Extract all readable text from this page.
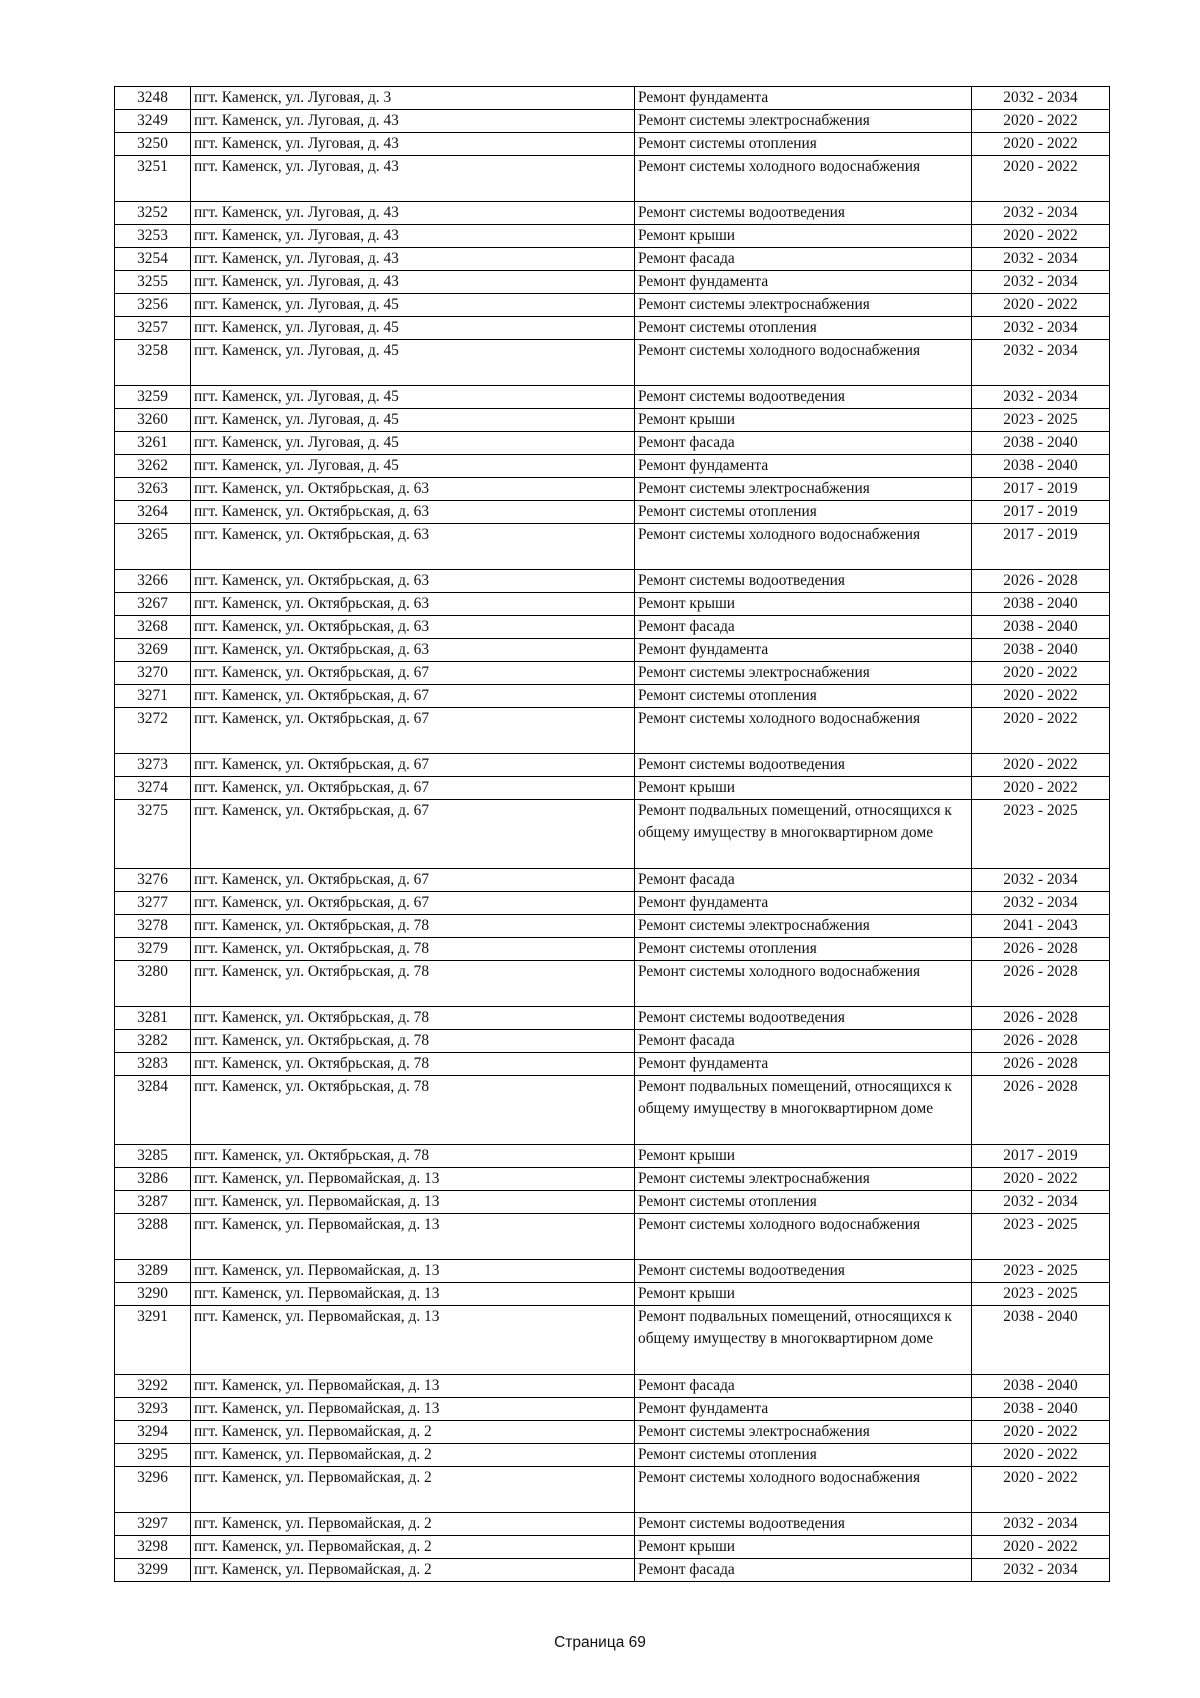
3248	пгт. Каменск, ул. Луговая, д. 3	Ремонт фундамента	2032 - 2034
3249	пгт. Каменск, ул. Луговая, д. 43	Ремонт системы электроснабжения	2020 - 2022
3250	пгт. Каменск, ул. Луговая, д. 43	Ремонт системы отопления	2020 - 2022
3251	пгт. Каменск, ул. Луговая, д. 43	Ремонт системы холодного водоснабжения	2020 - 2022
3252	пгт. Каменск, ул. Луговая, д. 43	Ремонт системы водоотведения	2032 - 2034
3253	пгт. Каменск, ул. Луговая, д. 43	Ремонт крыши	2020 - 2022
3254	пгт. Каменск, ул. Луговая, д. 43	Ремонт фасада	2032 - 2034
3255	пгт. Каменск, ул. Луговая, д. 43	Ремонт фундамента	2032 - 2034
3256	пгт. Каменск, ул. Луговая, д. 45	Ремонт системы электроснабжения	2020 - 2022
3257	пгт. Каменск, ул. Луговая, д. 45	Ремонт системы отопления	2032 - 2034
3258	пгт. Каменск, ул. Луговая, д. 45	Ремонт системы холодного водоснабжения	2032 - 2034
3259	пгт. Каменск, ул. Луговая, д. 45	Ремонт системы водоотведения	2032 - 2034
3260	пгт. Каменск, ул. Луговая, д. 45	Ремонт крыши	2023 - 2025
3261	пгт. Каменск, ул. Луговая, д. 45	Ремонт фасада	2038 - 2040
3262	пгт. Каменск, ул. Луговая, д. 45	Ремонт фундамента	2038 - 2040
3263	пгт. Каменск, ул. Октябрьская, д. 63	Ремонт системы электроснабжения	2017 - 2019
3264	пгт. Каменск, ул. Октябрьская, д. 63	Ремонт системы отопления	2017 - 2019
3265	пгт. Каменск, ул. Октябрьская, д. 63	Ремонт системы холодного водоснабжения	2017 - 2019
3266	пгт. Каменск, ул. Октябрьская, д. 63	Ремонт системы водоотведения	2026 - 2028
3267	пгт. Каменск, ул. Октябрьская, д. 63	Ремонт крыши	2038 - 2040
3268	пгт. Каменск, ул. Октябрьская, д. 63	Ремонт фасада	2038 - 2040
3269	пгт. Каменск, ул. Октябрьская, д. 63	Ремонт фундамента	2038 - 2040
3270	пгт. Каменск, ул. Октябрьская, д. 67	Ремонт системы электроснабжения	2020 - 2022
3271	пгт. Каменск, ул. Октябрьская, д. 67	Ремонт системы отопления	2020 - 2022
3272	пгт. Каменск, ул. Октябрьская, д. 67	Ремонт системы холодного водоснабжения	2020 - 2022
3273	пгт. Каменск, ул. Октябрьская, д. 67	Ремонт системы водоотведения	2020 - 2022
3274	пгт. Каменск, ул. Октябрьская, д. 67	Ремонт крыши	2020 - 2022
3275	пгт. Каменск, ул. Октябрьская, д. 67	Ремонт подвальных помещений, относящихся к общему имуществу в многоквартирном доме	2023 - 2025
3276	пгт. Каменск, ул. Октябрьская, д. 67	Ремонт фасада	2032 - 2034
3277	пгт. Каменск, ул. Октябрьская, д. 67	Ремонт фундамента	2032 - 2034
3278	пгт. Каменск, ул. Октябрьская, д. 78	Ремонт системы электроснабжения	2041 - 2043
3279	пгт. Каменск, ул. Октябрьская, д. 78	Ремонт системы отопления	2026 - 2028
3280	пгт. Каменск, ул. Октябрьская, д. 78	Ремонт системы холодного водоснабжения	2026 - 2028
3281	пгт. Каменск, ул. Октябрьская, д. 78	Ремонт системы водоотведения	2026 - 2028
3282	пгт. Каменск, ул. Октябрьская, д. 78	Ремонт фасада	2026 - 2028
3283	пгт. Каменск, ул. Октябрьская, д. 78	Ремонт фундамента	2026 - 2028
3284	пгт. Каменск, ул. Октябрьская, д. 78	Ремонт подвальных помещений, относящихся к общему имуществу в многоквартирном доме	2026 - 2028
3285	пгт. Каменск, ул. Октябрьская, д. 78	Ремонт крыши	2017 - 2019
3286	пгт. Каменск, ул. Первомайская, д. 13	Ремонт системы электроснабжения	2020 - 2022
3287	пгт. Каменск, ул. Первомайская, д. 13	Ремонт системы отопления	2032 - 2034
3288	пгт. Каменск, ул. Первомайская, д. 13	Ремонт системы холодного водоснабжения	2023 - 2025
3289	пгт. Каменск, ул. Первомайская, д. 13	Ремонт системы водоотведения	2023 - 2025
3290	пгт. Каменск, ул. Первомайская, д. 13	Ремонт крыши	2023 - 2025
3291	пгт. Каменск, ул. Первомайская, д. 13	Ремонт подвальных помещений, относящихся к общему имуществу в многоквартирном доме	2038 - 2040
3292	пгт. Каменск, ул. Первомайская, д. 13	Ремонт фасада	2038 - 2040
3293	пгт. Каменск, ул. Первомайская, д. 13	Ремонт фундамента	2038 - 2040
3294	пгт. Каменск, ул. Первомайская, д. 2	Ремонт системы электроснабжения	2020 - 2022
3295	пгт. Каменск, ул. Первомайская, д. 2	Ремонт системы отопления	2020 - 2022
3296	пгт. Каменск, ул. Первомайская, д. 2	Ремонт системы холодного водоснабжения	2020 - 2022
3297	пгт. Каменск, ул. Первомайская, д. 2	Ремонт системы водоотведения	2032 - 2034
3298	пгт. Каменск, ул. Первомайская, д. 2	Ремонт крыши	2020 - 2022
3299	пгт. Каменск, ул. Первомайская, д. 2	Ремонт фасада	2032 - 2034
Страница 69
